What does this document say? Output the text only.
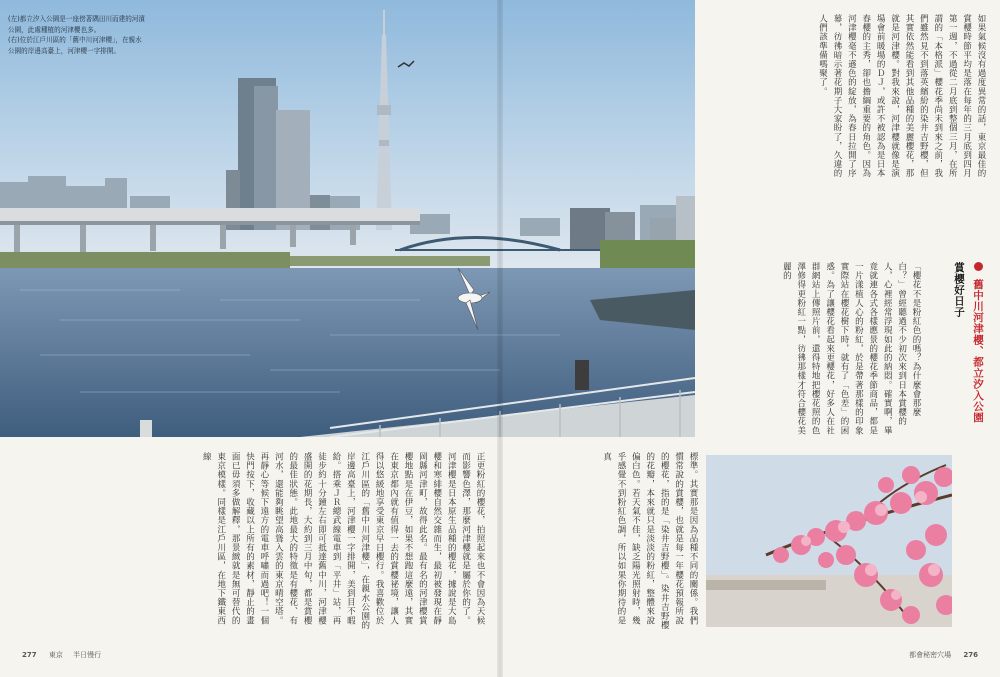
(左)都立汐入公園是一座傍著隅田川而建的河濱公園，此處種植的河津櫻也多。

(右)位於江戶川區的「舊中川河津櫻」，在親水公園的岸邊高臺上，河津櫻一字排開。	如果氣候沒有過度異常的話，東京最佳的賞櫻時節平均是落在每年的三月底到四月第一週，不過從二月底到整個三月，在所謂的「本格派」櫻花季尚未到來之前，我們雖然見不到落英繽紛的染井吉野櫻，但其實依然能看到其他品種的美麗櫻花，那就是河津櫻。對我來說，河津櫻就像是演場會前暖場的ＤＪ，或許不被認為是日本春櫻的主秀，卻也擔綱重要的角色。因為河津櫻毫不遜色的綻放，為春日拉開了序幕，彷彿暗示著花期子大家盼了，久違的人們該準備嗎聚了。

舊中川河津櫻、都立汐入公園 賞櫻好日子

「櫻花不是粉紅色的嗎？為什麼會那麼白？」曾經聽過不少初次來到日本賞櫻的人，心裡經常浮現如此的納悶。確實啊，畢竟就連各式各樣應景的櫻花季節商品，都是一片漾植人心的粉紅，於是帶著那樣的印象實際站在櫻花樹下時，就有了「色差」的困惑。為了讓櫻花看起來更櫻花，好多人在社群網站上傳照片前，還得特地把櫻花照的色澤修得更粉紅一點，彷彿那樣才符合櫻花美麗的

標準。其實那是因為品種不同的關係。我們慣常說的賞櫻，也就是每一年櫻花預報所說的櫻花，指的是「染井吉野櫻」。染井吉野櫻的花瓣，本來就只是淡淡的粉紅，整體來說偏白色。若天氣不佳，缺乏陽光照射時，幾乎感覺不到粉紅色調，所以如果你期待的是真

正更粉紅的櫻花，拍照起來也不會因為天候而影響色澤，那麼河津櫻就是屬於你的了。河津櫻是日本原生品種的櫻花，據說是大島櫻和寒緋櫻自然交雜而生，最初被發現在靜岡縣河津町，故得此名。最有名的河津櫻賞櫻地點是在伊豆，如果不想跑這麼遠，其實在東京都內就有值得一去的賞櫻祕境，讓人得以悠緩地享受東京早日櫻行。我喜歡位於江戶川區的「舊中川河津櫻」，在親水公園的岸邊高臺上，河津櫻一字排開，美到目不暇給。搭乘ＪＲ總武線電車到「平井」站，再徒步約十分鐘左右即可抵達舊中川，河津櫻盛開的花期長，大約到三月中旬，都是賞櫻的最佳狀態。此地最大的特徵是有櫻花、有河水，還能夠眺望高聳入雲的東京晴空塔。再靜心等候下遠方的電車呼嘯而過吧！一個快門按下，收藏以上所有的素材，靜止的畫面已毋須多做解釋，那景緻就是無可替代的東京模樣。同樣是江戶川區，在地下鐵東西線

277 東京 半日慢行	都會秘密穴場 276
